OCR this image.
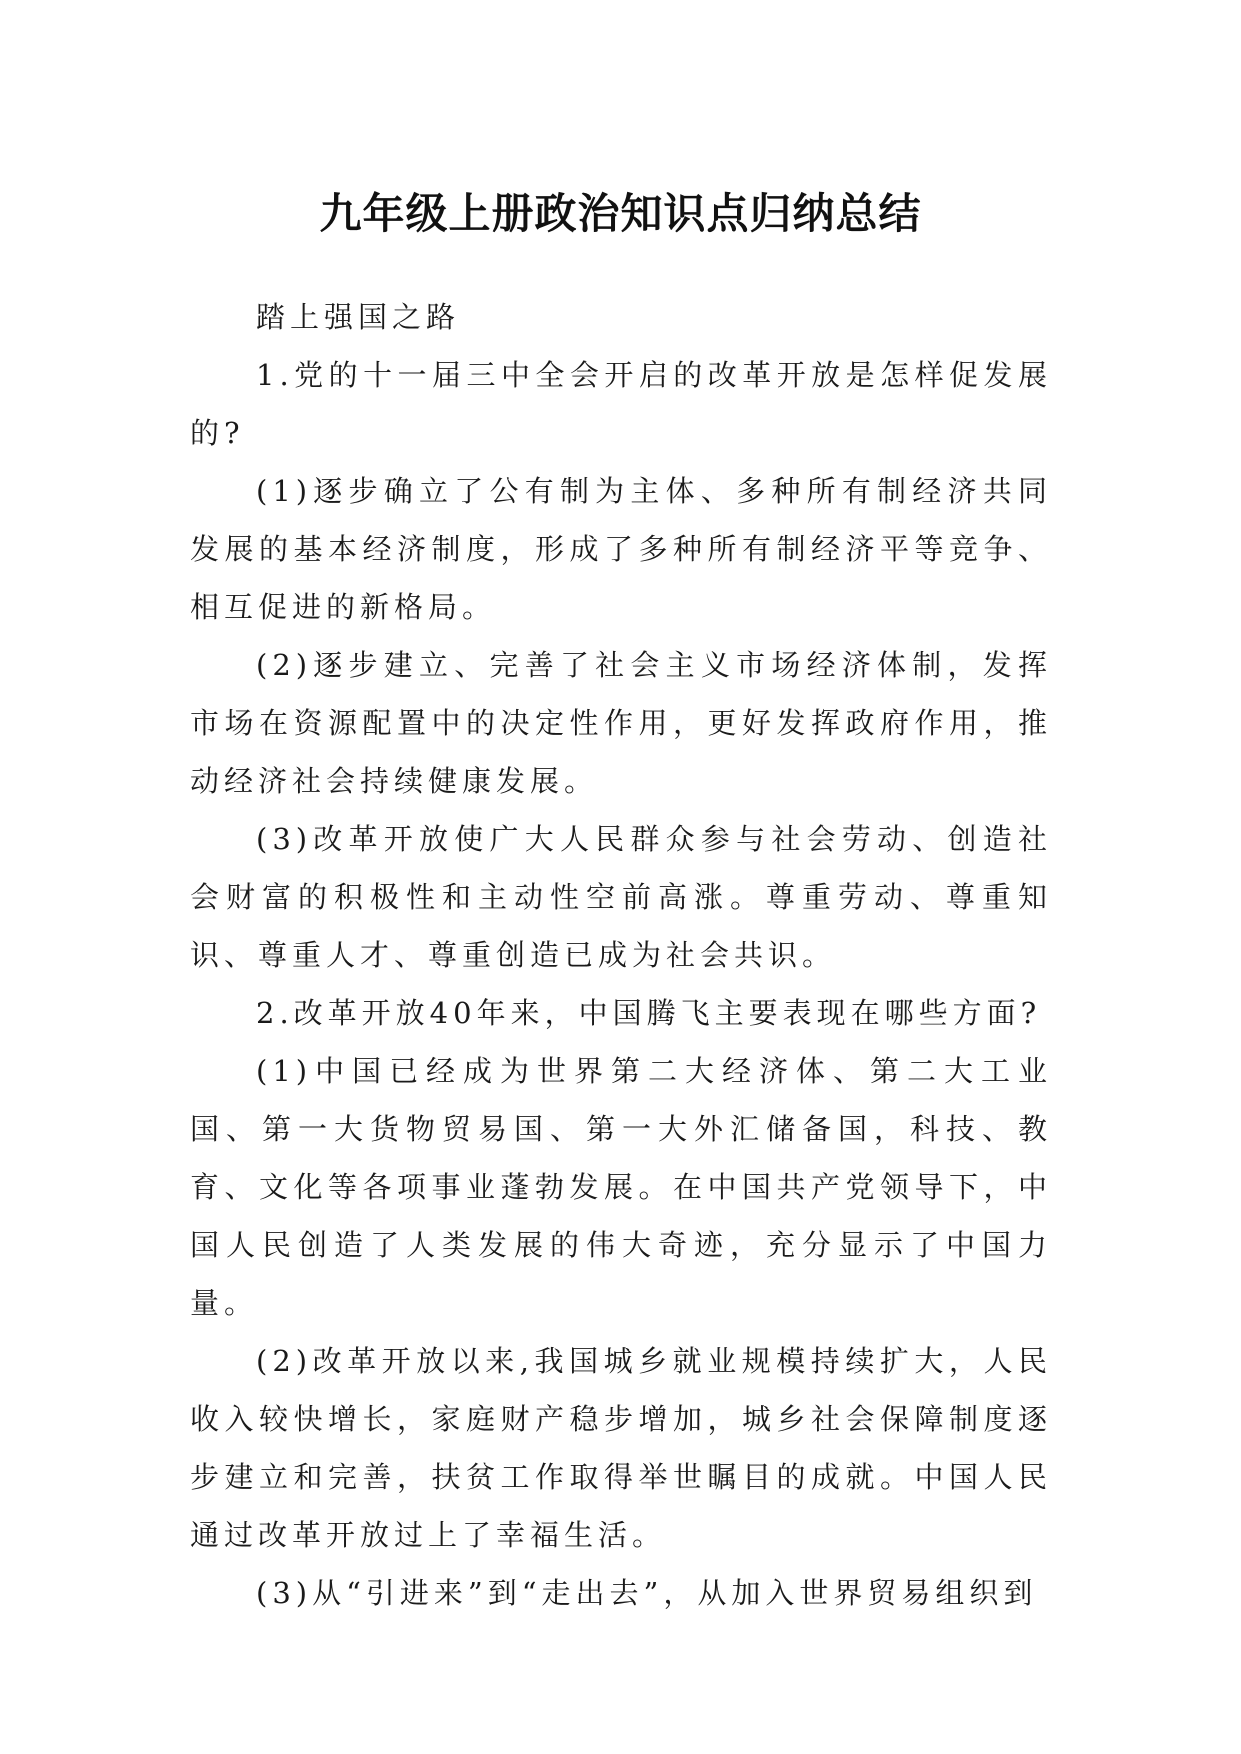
九年级上册政治知识点归纳总结

踏上强国之路

1.党的十一届三中全会开启的改革开放是怎样促发展的?

(1)逐步确立了公有制为主体、多种所有制经济共同发展的基本经济制度，形成了多种所有制经济平等竞争、相互促进的新格局。

(2)逐步建立、完善了社会主义市场经济体制，发挥市场在资源配置中的决定性作用，更好发挥政府作用，推动经济社会持续健康发展。

(3)改革开放使广大人民群众参与社会劳动、创造社会财富的积极性和主动性空前高涨。尊重劳动、尊重知识、尊重人才、尊重创造已成为社会共识。

2.改革开放40年来，中国腾飞主要表现在哪些方面?

(1)中国已经成为世界第二大经济体、第二大工业国、第一大货物贸易国、第一大外汇储备国，科技、教育、文化等各项事业蓬勃发展。在中国共产党领导下，中国人民创造了人类发展的伟大奇迹，充分显示了中国力量。

(2)改革开放以来,我国城乡就业规模持续扩大，人民收入较快增长，家庭财产稳步增加，城乡社会保障制度逐步建立和完善，扶贫工作取得举世瞩目的成就。中国人民通过改革开放过上了幸福生活。

(3)从“引进来”到“走出去”，从加入世界贸易组织到
